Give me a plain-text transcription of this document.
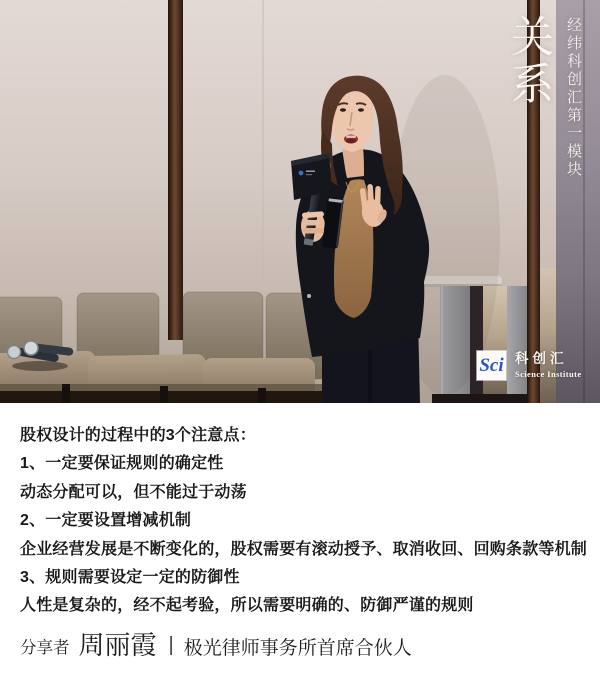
关系 经纬科创汇第一模块
Sci 科创汇
Science Institute

股权设计的过程中的3个注意点：

1、一定要保证规则的确定性

动态分配可以，但不能过于动荡

2、一定要设置增减机制

企业经营发展是不断变化的，股权需要有滚动授予、取消收回、回购条款等机制

3、规则需要设定一定的防御性

人性是复杂的，经不起考验，所以需要明确的、防御严谨的规则

分享者 周丽霞 | 极光律师事务所首席合伙人
